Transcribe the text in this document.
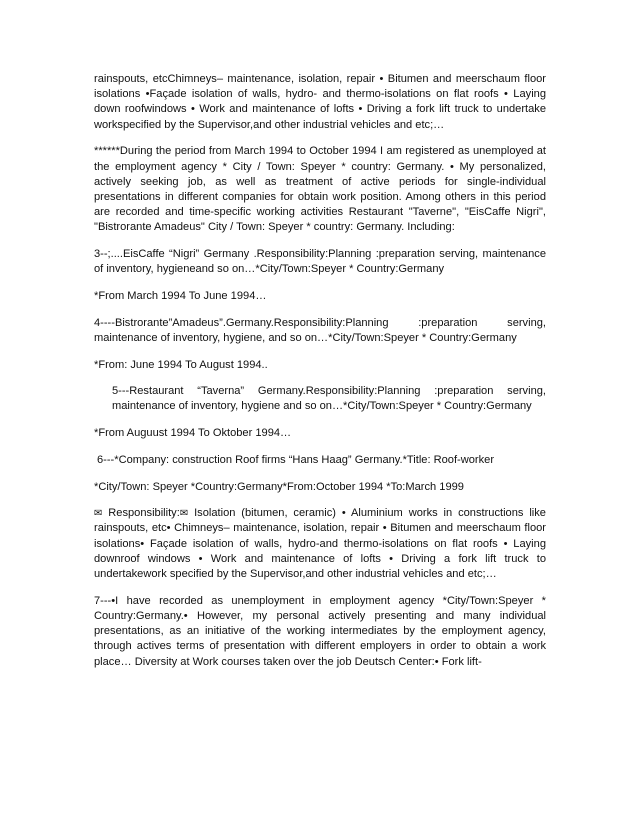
rainspouts, etcChimneys– maintenance, isolation, repair • Bitumen and meerschaum floor isolations •Façade isolation of walls, hydro- and thermo-isolations on flat roofs • Laying down roofwindows • Work and maintenance of lofts • Driving a fork lift truck to undertake workspecified by the Supervisor,and other industrial vehicles and etc;…

******During the period from March 1994 to October 1994 I am registered as unemployed at the employment agency * City / Town: Speyer * country: Germany. • My personalized, actively seeking job, as well as treatment of active periods for single-individual presentations in different companies for obtain work position. Among others in this period are recorded and time-specific working activities Restaurant "Taverne", "EisCaffe Nigri", "Bistrorante Amadeus" City / Town: Speyer * country: Germany. Including:

3--;....EisCaffe “Nigri” Germany .Responsibility:Planning :preparation serving, maintenance of inventory, hygieneand so on…*City/Town:Speyer * Country:Germany

*From March 1994 To June 1994…

4----Bistrorante”Amadeus”.Germany.Responsibility:Planning :preparation serving, maintenance of inventory, hygiene, and so on…*City/Town:Speyer * Country:Germany

*From: June 1994 To August 1994..

5---Restaurant “Taverna” Germany.Responsibility:Planning :preparation serving, maintenance of inventory, hygiene and so on…*City/Town:Speyer * Country:Germany

*From Auguust 1994 To Oktober 1994…

6---*Company: construction Roof firms “Hans Haag” Germany.*Title: Roof-worker

*City/Town: Speyer *Country:Germany*From:October 1994 *To:March 1999

✉ Responsibility:✉ Isolation (bitumen, ceramic) • Aluminium works in constructions like rainspouts, etc• Chimneys– maintenance, isolation, repair • Bitumen and meerschaum floor isolations• Façade isolation of walls, hydro-and thermo-isolations on flat roofs • Laying downroof windows • Work and maintenance of lofts • Driving a fork lift truck to undertakework specified by the Supervisor,and other industrial vehicles and etc;…

7---•I have recorded as unemployment in employment agency *City/Town:Speyer * Country:Germany.• However, my personal actively presenting and many individual presentations, as an initiative of the working intermediates by the employment agency, through actives terms of presentation with different employers in order to obtain a work place… Diversity at Work courses taken over the job Deutsch Center:• Fork lift-
